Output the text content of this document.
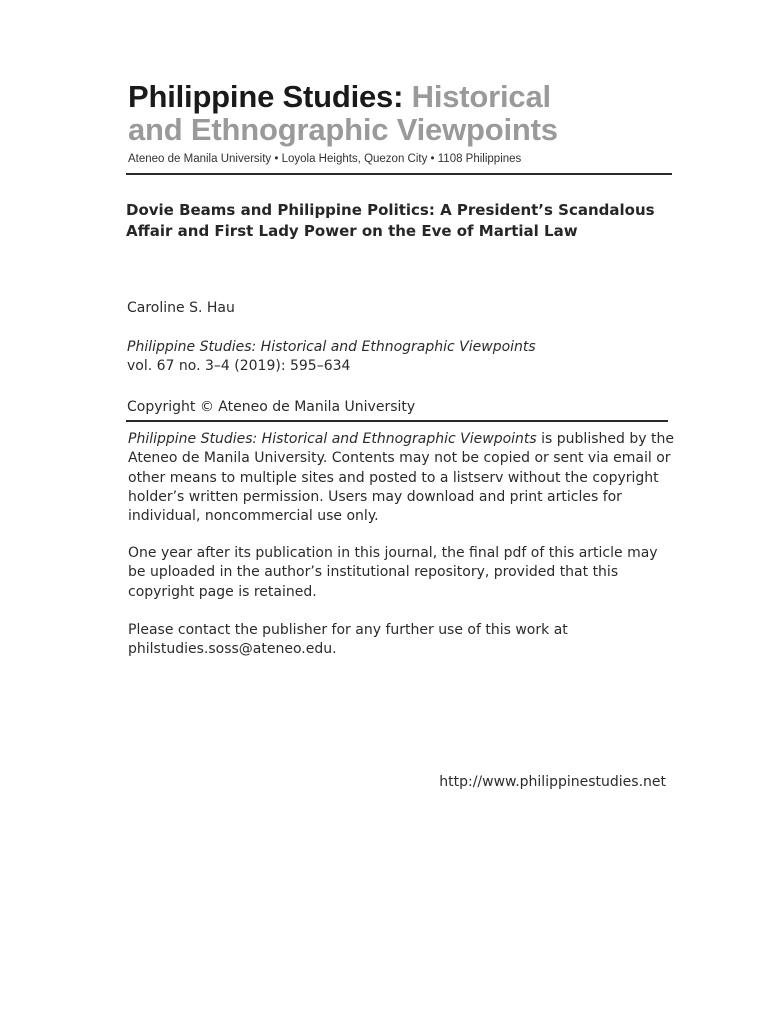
Philippine Studies: Historical
and Ethnographic Viewpoints
Ateneo de Manila University • Loyola Heights, Quezon City • 1108 Philippines
Dovie Beams and Philippine Politics: A President’s Scandalous
Affair and First Lady Power on the Eve of Martial Law
Caroline S. Hau
Philippine Studies: Historical and Ethnographic Viewpoints
vol. 67 no. 3–4 (2019): 595–634
Copyright © Ateneo de Manila University

Philippine Studies: Historical and Ethnographic Viewpoints is published by the Ateneo de Manila University. Contents may not be copied or sent via email or other means to multiple sites and posted to a listserv without the copyright holder’s written permission. Users may download and print articles for individual, noncommercial use only.

One year after its publication in this journal, the final pdf of this article may be uploaded in the author’s institutional repository, provided that this copyright page is retained.

Please contact the publisher for any further use of this work at philstudies.soss@ateneo.edu.

http://www.philippinestudies.net
